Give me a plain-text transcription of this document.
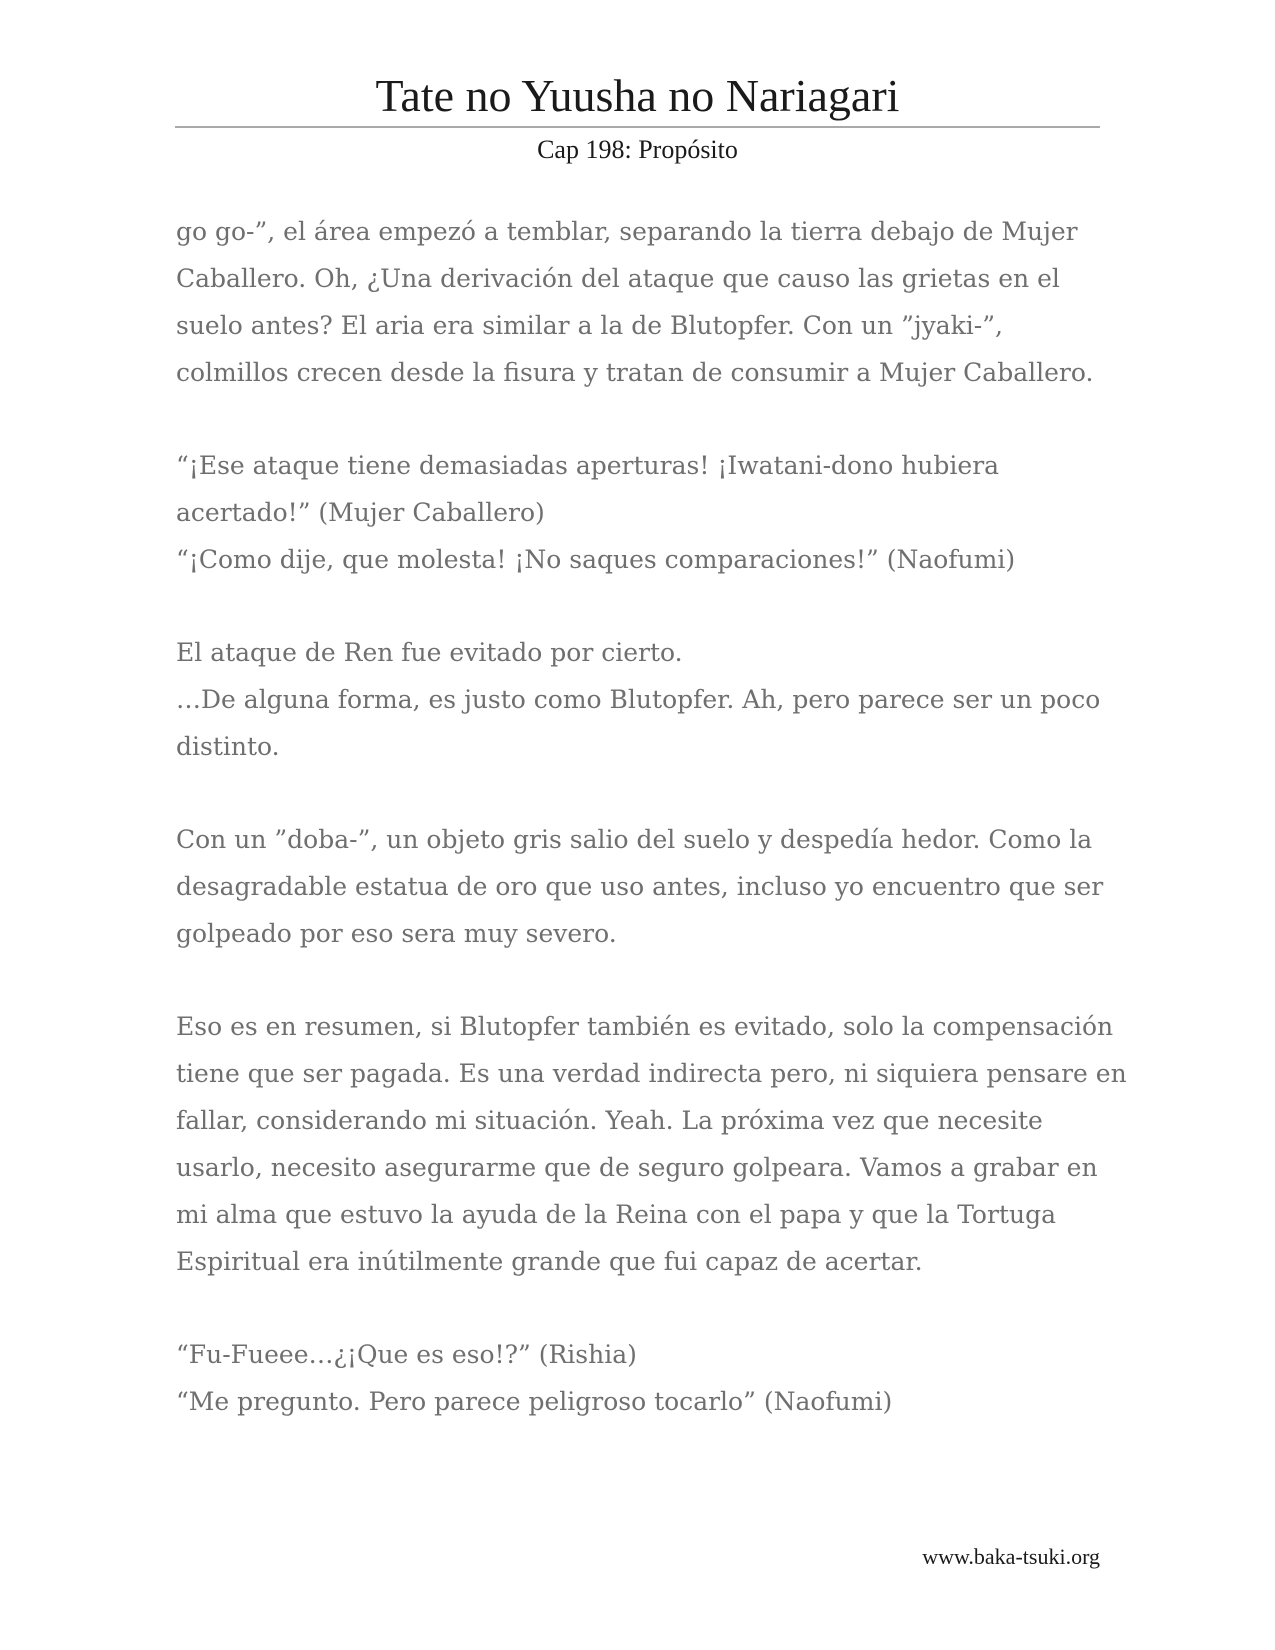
Tate no Yuusha no Nariagari
Cap 198: Propósito
go go-”, el área empezó a temblar, separando la tierra debajo de Mujer
Caballero. Oh, ¿Una derivación del ataque que causo las grietas en el
suelo antes? El aria era similar a la de Blutopfer. Con un ”jyaki-”,
colmillos crecen desde la fisura y tratan de consumir a Mujer Caballero.
“¡Ese ataque tiene demasiadas aperturas! ¡Iwatani-dono hubiera
acertado!” (Mujer Caballero)
“¡Como dije, que molesta! ¡No saques comparaciones!” (Naofumi)
El ataque de Ren fue evitado por cierto.
…De alguna forma, es justo como Blutopfer. Ah, pero parece ser un poco
distinto.
Con un ”doba-”, un objeto gris salio del suelo y despedía hedor. Como la
desagradable estatua de oro que uso antes, incluso yo encuentro que ser
golpeado por eso sera muy severo.
Eso es en resumen, si Blutopfer también es evitado, solo la compensación
tiene que ser pagada. Es una verdad indirecta pero, ni siquiera pensare en
fallar, considerando mi situación. Yeah. La próxima vez que necesite
usarlo, necesito asegurarme que de seguro golpeara. Vamos a grabar en
mi alma que estuvo la ayuda de la Reina con el papa y que la Tortuga
Espiritual era inútilmente grande que fui capaz de acertar.
“Fu-Fueee…¿¡Que es eso!?” (Rishia)
“Me pregunto. Pero parece peligroso tocarlo” (Naofumi)
www.baka-tsuki.org
